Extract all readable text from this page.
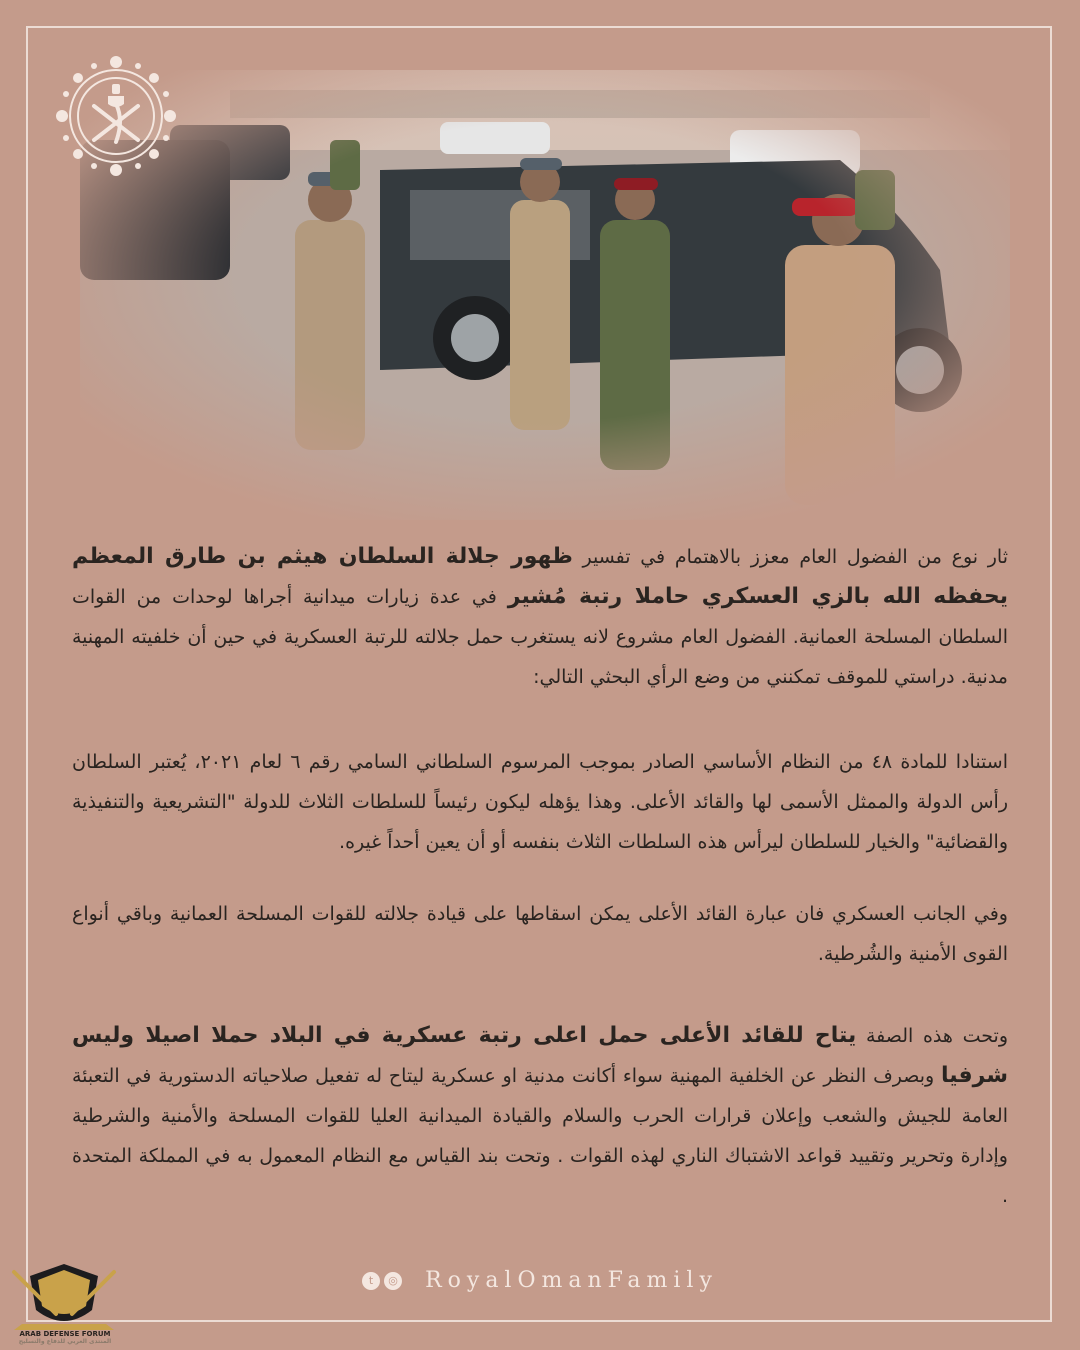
ثار نوع من الفضول العام معزز بالاهتمام في تفسير ظهور جلالة السلطان هيثم بن طارق المعظم يحفظه الله بالزي العسكري حاملا رتبة مُشير في عدة زيارات ميدانية أجراها لوحدات من القوات السلطان المسلحة العمانية. الفضول العام مشروع لانه يستغرب حمل جلالته للرتبة العسكرية في حين أن خلفيته المهنية مدنية. دراستي للموقف تمكنني من وضع الرأي البحثي التالي:
استنادا للمادة ٤٨ من النظام الأساسي الصادر بموجب المرسوم السلطاني السامي رقم ٦ لعام ٢٠٢١، يُعتبر السلطان رأس الدولة والممثل الأسمى لها والقائد الأعلى. وهذا يؤهله ليكون رئيساً للسلطات الثلاث للدولة "التشريعية والتنفيذية والقضائية" والخيار للسلطان ليرأس هذه السلطات الثلاث بنفسه أو أن يعين أحداً غيره.
وفي الجانب العسكري فان عبارة القائد الأعلى يمكن اسقاطها على قيادة جلالته للقوات المسلحة العمانية وباقي أنواع القوى الأمنية والشُرطية.
وتحت هذه الصفة يتاح للقائد الأعلى حمل اعلى رتبة عسكرية في البلاد حملا اصيلا وليس شرفيا وبصرف النظر عن الخلفية المهنية سواء أكانت مدنية او عسكرية ليتاح له تفعيل صلاحياته الدستورية في التعبئة العامة للجيش والشعب وإعلان قرارات الحرب والسلام والقيادة الميدانية العليا للقوات المسلحة والأمنية والشرطية وإدارة وتحرير وتقييد قواعد الاشتباك الناري لهذه القوات . وتحت بند القياس مع النظام المعمول به في المملكة المتحدة .
t	◎ RoyalOmanFamily
ARAB DEFENSE FORUM
المنتدى العربي للدفاع والتسليح
